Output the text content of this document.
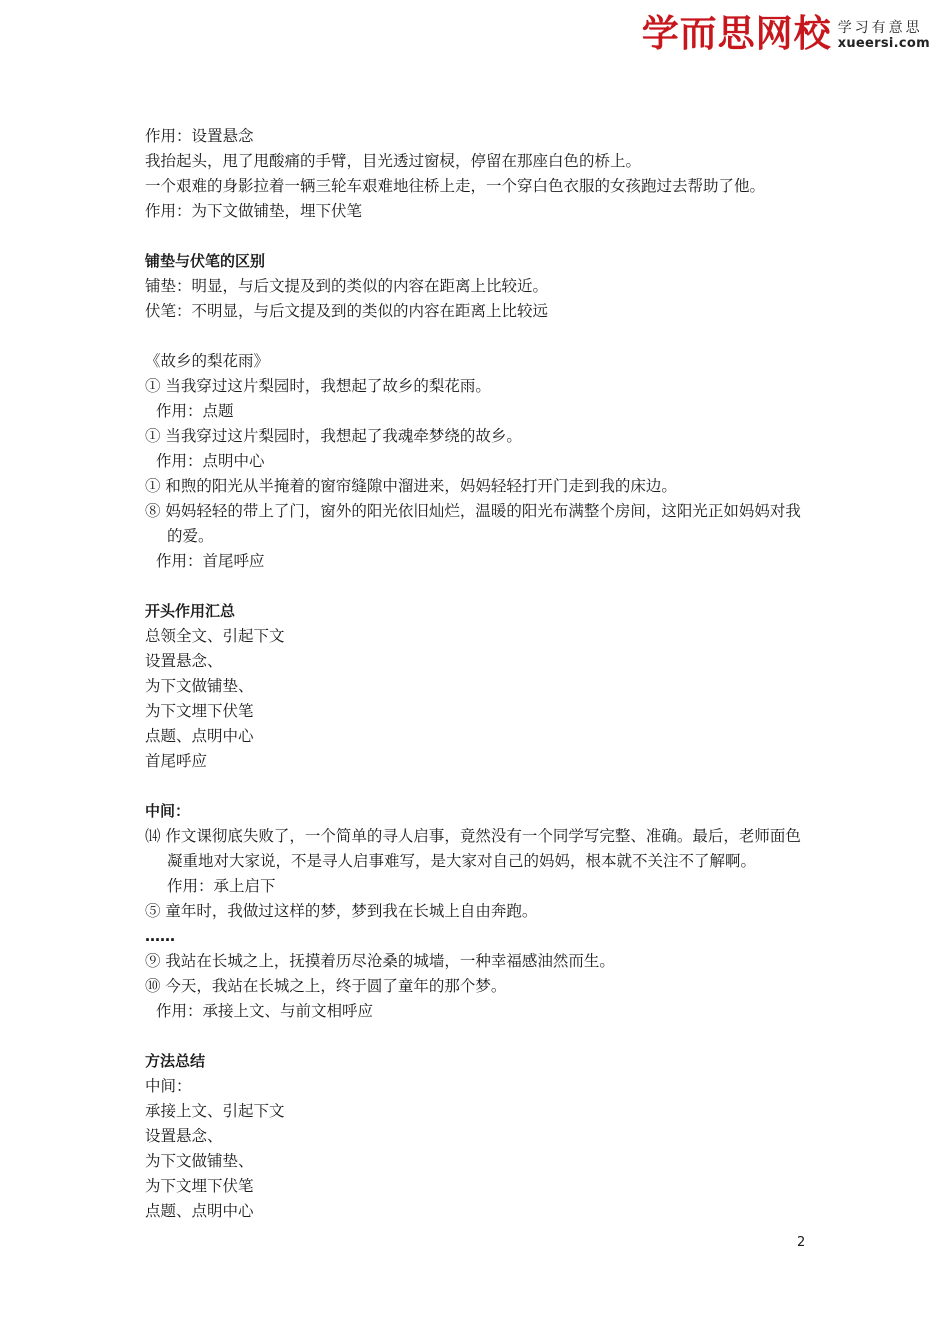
学而思网校 学习有意思
xueersi.com
作用：设置悬念
我抬起头，甩了甩酸痛的手臂，目光透过窗棂，停留在那座白色的桥上。
一个艰难的身影拉着一辆三轮车艰难地往桥上走，一个穿白色衣服的女孩跑过去帮助了他。
作用：为下文做铺垫，埋下伏笔
铺垫与伏笔的区别
铺垫：明显，与后文提及到的类似的内容在距离上比较近。
伏笔：不明显，与后文提及到的类似的内容在距离上比较远
《故乡的梨花雨》
① 当我穿过这片梨园时，我想起了故乡的梨花雨。
作用：点题
① 当我穿过这片梨园时，我想起了我魂牵梦绕的故乡。
作用：点明中心
① 和煦的阳光从半掩着的窗帘缝隙中溜进来，妈妈轻轻打开门走到我的床边。
⑧ 妈妈轻轻的带上了门，窗外的阳光依旧灿烂，温暖的阳光布满整个房间，这阳光正如妈妈对我的爱。
作用：首尾呼应
开头作用汇总
总领全文、引起下文
设置悬念、
为下文做铺垫、
为下文埋下伏笔
点题、点明中心
首尾呼应
中间：
⒁ 作文课彻底失败了，一个简单的寻人启事，竟然没有一个同学写完整、准确。最后，老师面色凝重地对大家说，不是寻人启事难写，是大家对自己的妈妈，根本就不关注不了解啊。
作用：承上启下
⑤ 童年时，我做过这样的梦，梦到我在长城上自由奔跑。
……
⑨ 我站在长城之上，抚摸着历尽沧桑的城墙，一种幸福感油然而生。
⑩ 今天，我站在长城之上，终于圆了童年的那个梦。
作用：承接上文、与前文相呼应
方法总结
中间：
承接上文、引起下文
设置悬念、
为下文做铺垫、
为下文埋下伏笔
点题、点明中心
2
